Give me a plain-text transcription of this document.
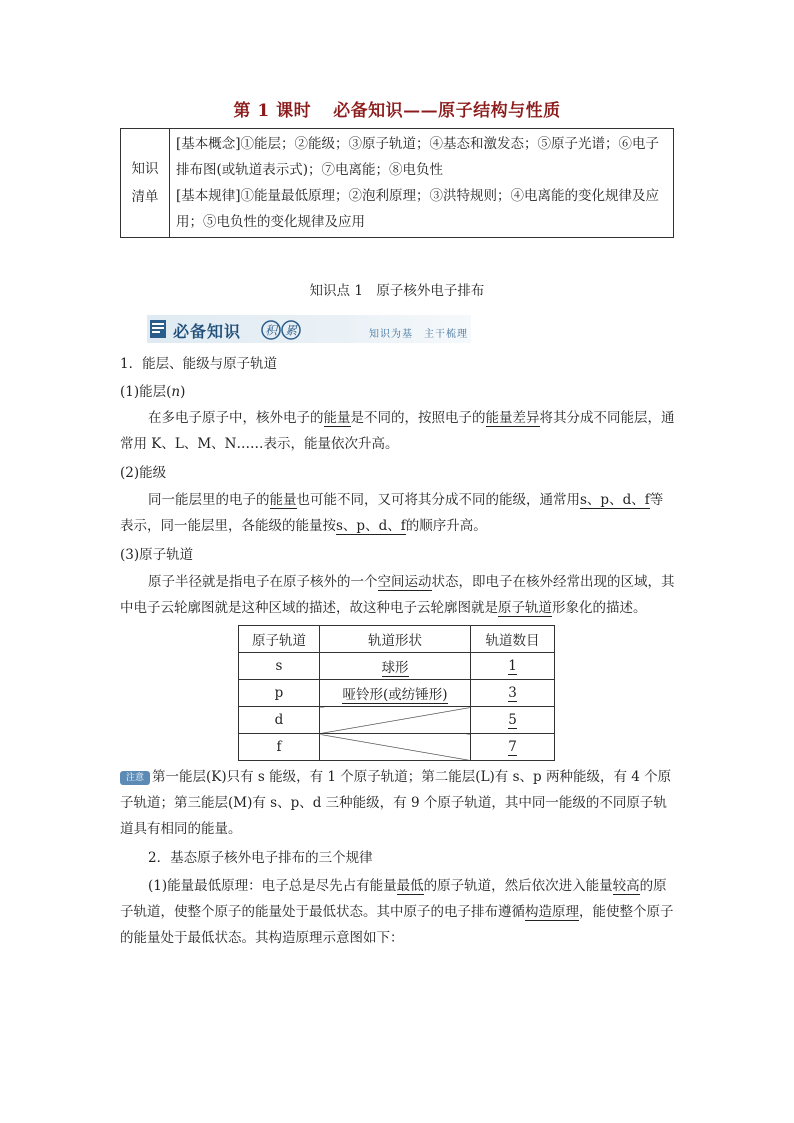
第 1 课时 必备知识——原子结构与性质
知识
清单

[基本概念]①能层；②能级；③原子轨道；④基态和激发态；⑤原子光谱；⑥电子排布图(或轨道表示式)；⑦电离能；⑧电负性

[基本规律]①能量最低原理；②泡利原理；③洪特规则；④电离能的变化规律及应用；⑤电负性的变化规律及应用

知识点 1　原子核外电子排布
必备知识 积 累	知识为基　主干梳理

1．能层、能级与原子轨道

(1)能层(n)

在多电子原子中，核外电子的能量是不同的，按照电子的能量差异将其分成不同能层，通常用 K、L、M、N……表示，能量依次升高。

(2)能级

同一能层里的电子的能量也可能不同，又可将其分成不同的能级，通常用s、p、d、f等表示，同一能层里，各能级的能量按s、p、d、f的顺序升高。

(3)原子轨道

原子半径就是指电子在原子核外的一个空间运动状态，即电子在核外经常出现的区域，其中电子云轮廓图就是这种区域的描述，故这种电子云轮廓图就是原子轨道形象化的描述。

原子轨道	轨道形状	轨道数目
s	球形	1
p	哑铃形(或纺锤形)	3
d		5
f		7

注意 第一能层(K)只有 s 能级，有 1 个原子轨道；第二能层(L)有 s、p 两种能级，有 4 个原子轨道；第三能层(M)有 s、p、d 三种能级，有 9 个原子轨道，其中同一能级的不同原子轨道具有相同的能量。

2．基态原子核外电子排布的三个规律

(1)能量最低原理：电子总是尽先占有能量最低的原子轨道，然后依次进入能量较高的原子轨道，使整个原子的能量处于最低状态。其中原子的电子排布遵循构造原理，能使整个原子的能量处于最低状态。其构造原理示意图如下：
